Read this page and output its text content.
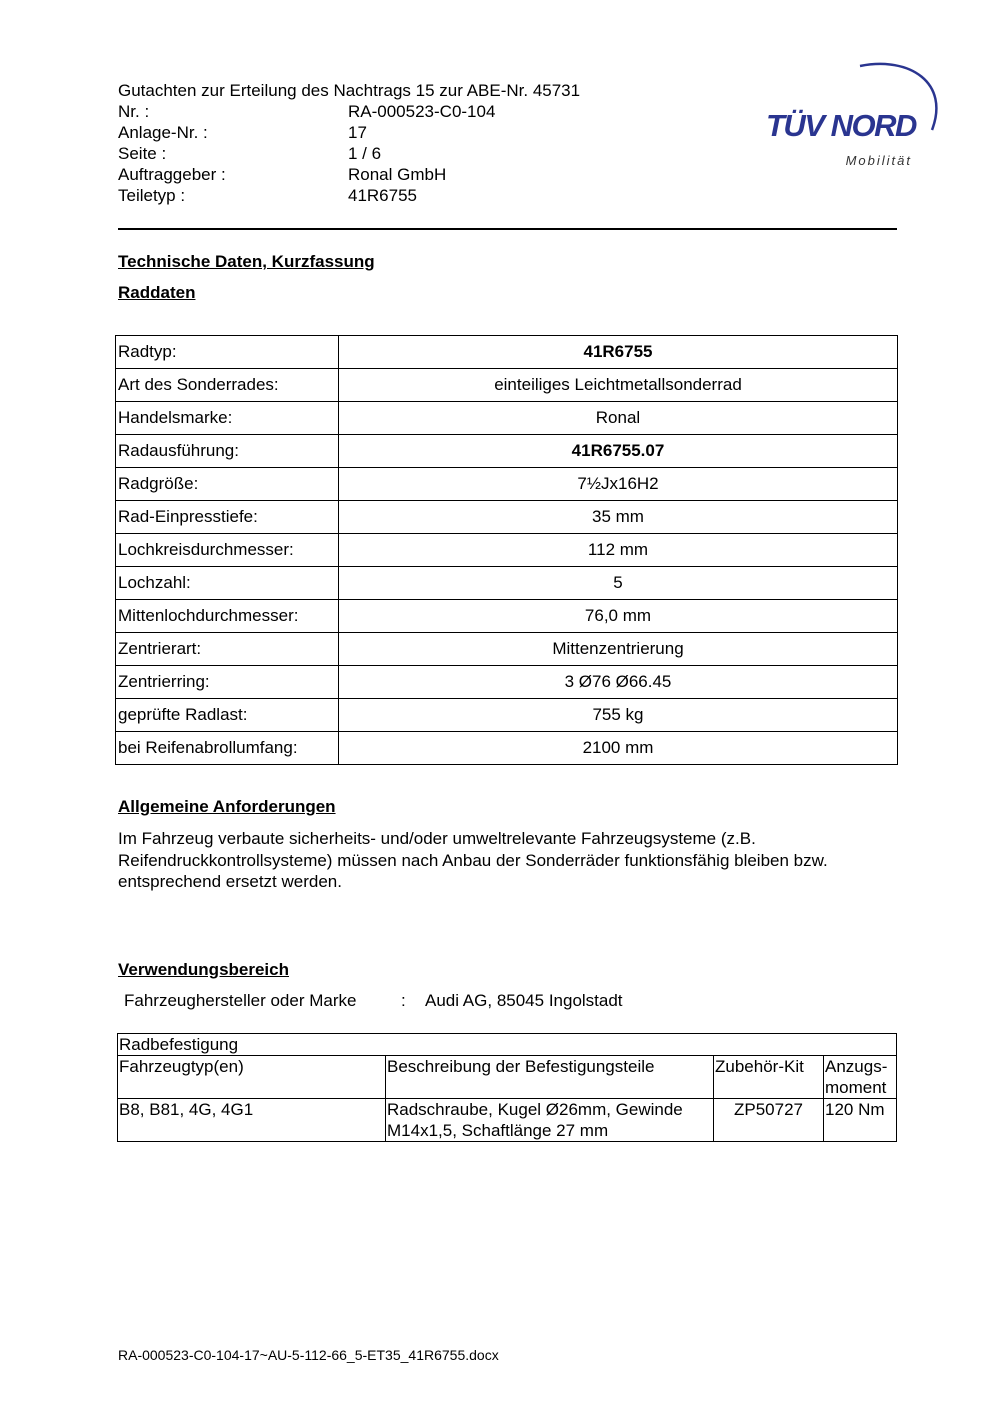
Gutachten zur Erteilung des Nachtrags 15 zur ABE-Nr. 45731
Nr. :	RA-000523-C0-104
Anlage-Nr. :	17
Seite :	1 / 6
Auftraggeber :	Ronal GmbH
Teiletyp :	41R6755
TÜV NORD
Mobilität
Technische Daten, Kurzfassung
Raddaten
Radtyp:	41R6755
Art des Sonderrades:	einteiliges Leichtmetallsonderrad
Handelsmarke:	Ronal
Radausführung:	41R6755.07
Radgröße:	7½Jx16H2
Rad-Einpresstiefe:	35 mm
Lochkreisdurchmesser:	112 mm
Lochzahl:	5
Mittenlochdurchmesser:	76,0 mm
Zentrierart:	Mittenzentrierung
Zentrierring:	3 Ø76 Ø66.45
geprüfte Radlast:	755 kg
bei Reifenabrollumfang:	2100 mm
Allgemeine Anforderungen
Im Fahrzeug verbaute sicherheits- und/oder umweltrelevante Fahrzeugsysteme (z.B. Reifendruckkontrollsysteme) müssen nach Anbau der Sonderräder funktionsfähig bleiben bzw. entsprechend ersetzt werden.
Verwendungsbereich
Fahrzeughersteller oder Marke	: Audi AG, 85045 Ingolstadt
Radbefestigung			
Fahrzeugtyp(en)	Beschreibung der Befestigungsteile	Zubehör-Kit	Anzugs-
moment
B8, B81, 4G, 4G1	Radschraube, Kugel Ø26mm, Gewinde M14x1,5, Schaftlänge 27 mm	ZP50727	120 Nm
RA-000523-C0-104-17~AU-5-112-66_5-ET35_41R6755.docx
